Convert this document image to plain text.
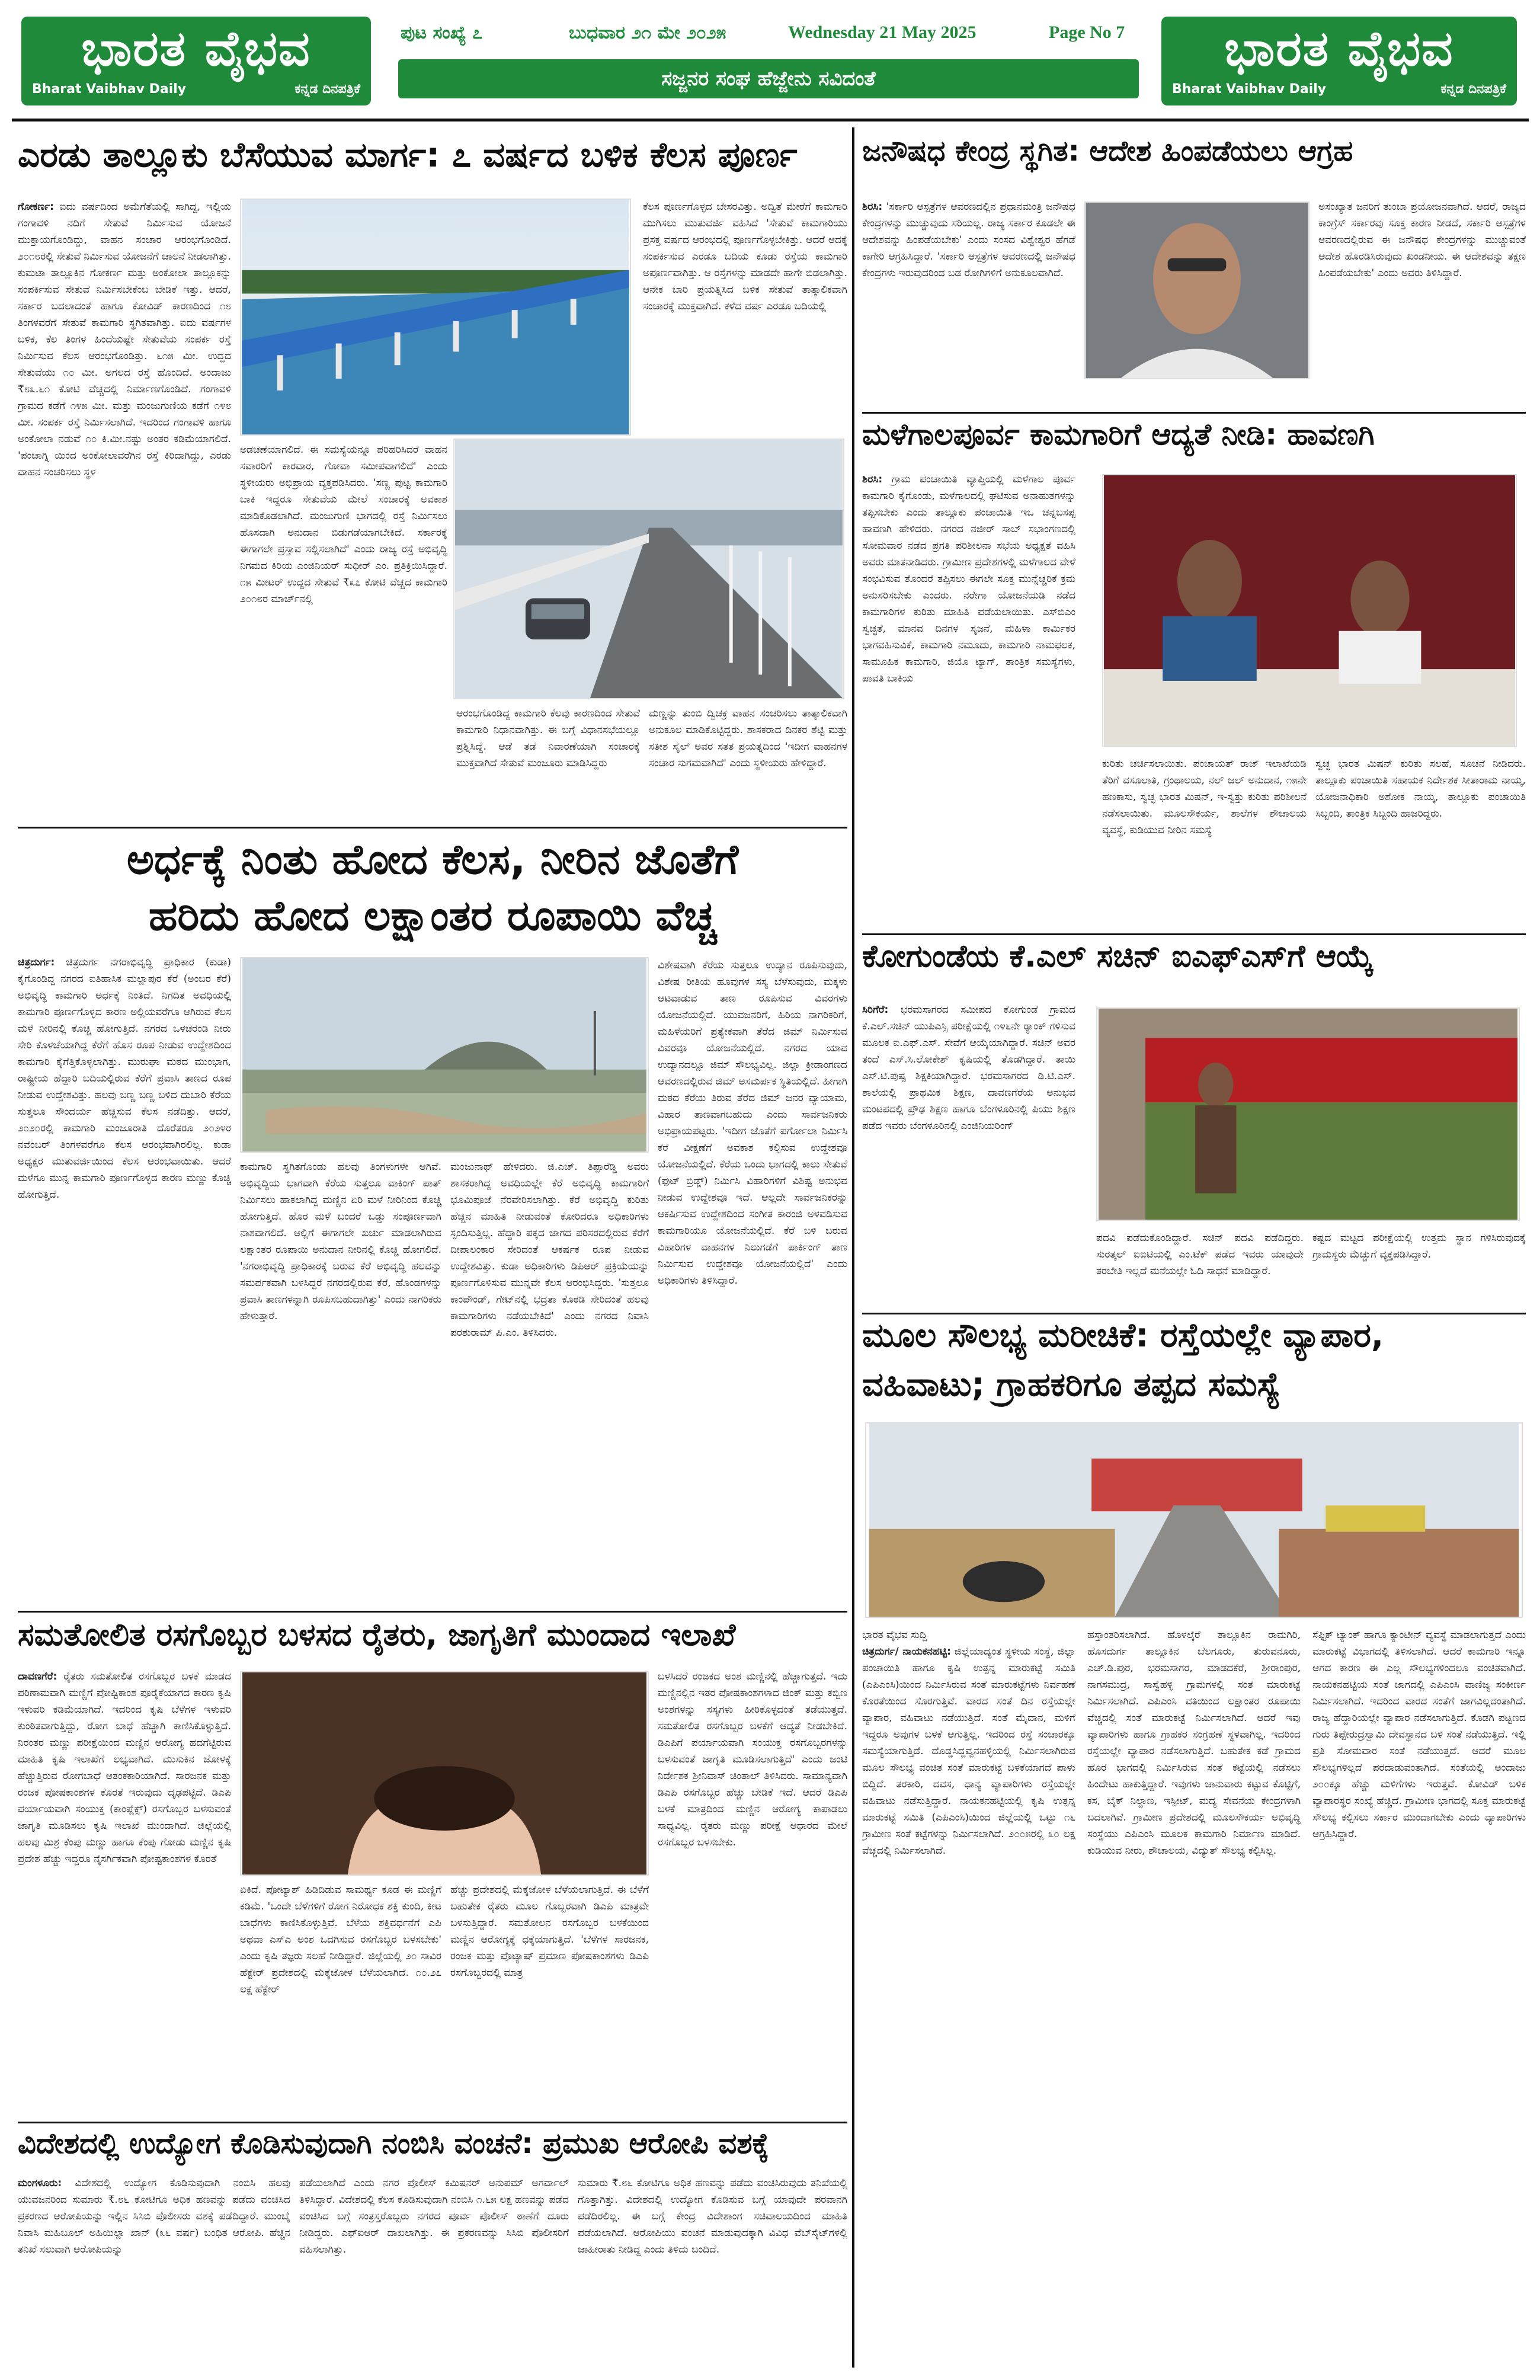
ಭಾರತ ವೈಭವ
Bharat Vaibhav Daily	ಕನ್ನಡ ದಿನಪತ್ರಿಕೆ
ಪುಟ ಸಂಖ್ಯೆ ೭	ಬುಧವಾರ ೨೧ ಮೇ ೨೦೨೫	Wednesday 21 May 2025	Page No 7
ಸಜ್ಜನರ ಸಂಘ ಹೆಜ್ಜೇನು ಸವಿದಂತೆ
ಭಾರತ ವೈಭವ
Bharat Vaibhav Daily	ಕನ್ನಡ ದಿನಪತ್ರಿಕೆ
ಎರಡು ತಾಲ್ಲೂಕು ಬೆಸೆಯುವ ಮಾರ್ಗ: ೭ ವರ್ಷದ ಬಳಿಕ ಕೆಲಸ ಪೂರ್ಣ
ಗೋಕರ್ಣ: ಐದು ವರ್ಷದಿಂದ ಅಮೆಗೆತೆಯಲ್ಲಿ ಸಾಗಿದ್ದ, ಇಲ್ಲಿಯ ಗಂಗಾವಳಿ ನದಿಗೆ ಸೇತುವೆ ನಿರ್ಮಿಸುವ ಯೋಜನೆ ಮುಕ್ತಾಯಗೊಂಡಿದ್ದು, ವಾಹನ ಸಂಚಾರ ಆರಂಭಗೊಂಡಿದೆ. ೨೦೧೮ರಲ್ಲಿ ಸೇತುವೆ ನಿರ್ಮಿಸುವ ಯೋಜನೆಗೆ ಚಾಲನೆ ನೀಡಲಾಗಿತ್ತು. ಕುಮಟಾ ತಾಲ್ಲೂಕಿನ ಗೋಕರ್ಣ ಮತ್ತು ಅಂಕೋಲಾ ತಾಲ್ಲೂಕನ್ನು ಸಂಪರ್ಕಿಸುವ ಸೇತುವೆ ನಿರ್ಮಿಸಬೇಕೆಂಬ ಬೇಡಿಕೆ ಇತ್ತು. ಆದರೆ, ಸರ್ಕಾರ ಬದಲಾದಂತೆ ಹಾಗೂ ಕೋವಿಡ್ ಕಾರಣದಿಂದ ೧೮ ತಿಂಗಳವರೆಗೆ ಸೇತುವೆ ಕಾಮಗಾರಿ ಸ್ಥಗಿತವಾಗಿತ್ತು. ಐದು ವರ್ಷಗಳ ಬಳಿಕ, ಕೆಲ ತಿಂಗಳ ಹಿಂದೆಯಷ್ಟೇ ಸೇತುವೆಯ ಸಂಪರ್ಕ ರಸ್ತೆ ನಿರ್ಮಿಸುವ ಕೆಲಸ ಆರಂಭಗೊಂಡಿತ್ತು. ೬೧೫ ಮೀ. ಉದ್ದದ ಸೇತುವೆಯು ೧೦ ಮೀ. ಅಗಲದ ರಸ್ತೆ ಹೊಂದಿದೆ. ಅಂದಾಜು ₹೮೩.೬೧ ಕೋಟಿ ವೆಚ್ಚದಲ್ಲಿ ನಿರ್ಮಾಣಗೊಂಡಿದೆ. ಗಂಗಾವಳಿ ಗ್ರಾಮದ ಕಡೆಗೆ ೧೪೫ ಮೀ. ಮತ್ತು ಮಂಜುಗುಣಿಯ ಕಡೆಗೆ ೧೪೮ ಮೀ. ಸಂಪರ್ಕ ರಸ್ತೆ ನಿರ್ಮಿಸಲಾಗಿದೆ. ಇದರಿಂದ ಗಂಗಾವಳಿ ಹಾಗೂ ಅಂಕೋಲಾ ನಡುವೆ ೧೦ ಕಿ.ಮೀ.ನಷ್ಟು ಅಂತರ ಕಡಿಮೆಯಾಗಲಿದೆ. 'ಪಂಚಾಗ್ನಿ ಯಿಂದ ಅಂಕೋಲಾವರೆಗಿನ ರಸ್ತೆ ಕಿರಿದಾಗಿದ್ದು, ಎರಡು ವಾಹನ ಸಂಚರಿಸಲು ಸ್ಥಳ
ಅಡಚಣೆಯಾಗಲಿದೆ. ಈ ಸಮಸ್ಯೆಯನ್ನೂ ಪರಿಹರಿಸಿದರೆ ವಾಹನ ಸವಾರರಿಗೆ ಕಾರವಾರ, ಗೋವಾ ಸಮೀಪವಾಗಲಿದೆ' ಎಂದು ಸ್ಥಳೀಯರು ಅಭಿಪ್ರಾಯ ವ್ಯಕ್ತಪಡಿಸಿದರು. 'ಸಣ್ಣ ಪುಟ್ಟ ಕಾಮಗಾರಿ ಬಾಕಿ ಇದ್ದರೂ ಸೇತುವೆಯ ಮೇಲೆ ಸಂಚಾರಕ್ಕೆ ಅವಕಾಶ ಮಾಡಿಕೊಡಲಾಗಿದೆ. ಮಂಜುಗುಣಿ ಭಾಗದಲ್ಲಿ ರಸ್ತೆ ನಿರ್ಮಿಸಲು ಹೊಸದಾಗಿ ಅನುದಾನ ಬಿಡುಗಡೆಯಾಗಬೇಕಿದೆ. ಸರ್ಕಾರಕ್ಕೆ ಈಗಾಗಲೇ ಪ್ರಸ್ತಾವ ಸಲ್ಲಿಸಲಾಗಿದೆ' ಎಂದು ರಾಜ್ಯ ರಸ್ತೆ ಅಭಿವೃದ್ಧಿ ನಿಗಮದ ಕಿರಿಯ ಎಂಜಿನಿಯರ್ ಸುಧೀರ್ ಎಂ. ಪ್ರತಿಕ್ರಿಯಿಸಿದ್ದಾರೆ. ೧೫ ಮೀಟರ್ ಉದ್ದದ ಸೇತುವೆ ₹೩೭ ಕೋಟಿ ವೆಚ್ಚದ ಕಾಮಗಾರಿ ೨೦೧೮ರ ಮಾರ್ಚ್‌ನಲ್ಲಿ
ಆರಂಭಗೊಂಡಿದ್ದ ಕಾಮಗಾರಿ ಕೆಲವು ಕಾರಣದಿಂದ ಸೇತುವೆ ಕಾಮಗಾರಿ ನಿಧಾನವಾಗಿತ್ತು. ಈ ಬಗ್ಗೆ ವಿಧಾನಸಭೆಯಲ್ಲೂ ಪ್ರಶ್ನಿಸಿದ್ದೆ. ಆಡೆ ತಡೆ ನಿವಾರಣೆಯಾಗಿ ಸಂಚಾರಕ್ಕೆ ಮುಕ್ತವಾಗಿದೆ ಸೇತುವೆ ಮಂಜೂರು ಮಾಡಿಸಿದ್ದರು
ಮಣ್ಣನ್ನು ತುಂಬಿ ದ್ವಿಚಕ್ರ ವಾಹನ ಸಂಚರಿಸಲು ತಾತ್ಕಾಲಿಕವಾಗಿ ಅನುಕೂಲ ಮಾಡಿಕೊಟ್ಟಿದ್ದರು. ಶಾಸಕರಾದ ದಿನಕರ ಶೆಟ್ಟಿ ಮತ್ತು ಸತೀಶ ಸೈಲ್ ಅವರ ಸತತ ಪ್ರಯತ್ನದಿಂದ 'ಇದೀಗ ವಾಹನಗಳ ಸಂಚಾರ ಸುಗಮವಾಗಿದೆ' ಎಂದು ಸ್ಥಳೀಯರು ಹೇಳಿದ್ದಾರೆ.
ಕೆಲಸ ಪೂರ್ಣಗೊಳ್ಳದ ಬೇಸರವಿತ್ತು. ಅದ್ವಿತೆ ಮೇರೆಗೆ ಕಾಮಗಾರಿ ಮುಗಿಸಲು ಮುತುವರ್ಜಿ ವಹಿಸಿದೆ 'ಸೇತುವೆ ಕಾಮಗಾರಿಯು ಪ್ರಸಕ್ತ ವರ್ಷದ ಆರಂಭದಲ್ಲಿ ಪೂರ್ಣಗೊಳ್ಳಬೇಕಿತ್ತು. ಆದರೆ ಆದಕ್ಕೆ ಸಂಪರ್ಕಿಸುವ ಎರಡೂ ಬದಿಯ ಕೂಡು ರಸ್ತೆಯ ಕಾಮಗಾರಿ ಅಪೂರ್ಣವಾಗಿತ್ತು. ಆ ರಸ್ತೆಗಳನ್ನು ಮಾಡದೇ ಹಾಗೇ ಬಿಡಲಾಗಿತ್ತು. ಆನೇಕ ಬಾರಿ ಪ್ರಯತ್ನಿಸಿದ ಬಳಿಕ ಸೇತುವೆ ತಾತ್ಕಾಲಿಕವಾಗಿ ಸಂಚಾರಕ್ಕೆ ಮುಕ್ತವಾಗಿದೆ. ಕಳೆದ ವರ್ಷ ಎರಡೂ ಬದಿಯಲ್ಲಿ
ಅರ್ಧಕ್ಕೆ ನಿಂತು ಹೋದ ಕೆಲಸ, ನೀರಿನ ಜೊತೆಗೆ
ಹರಿದು ಹೋದ ಲಕ್ಷಾಂತರ ರೂಪಾಯಿ ವೆಚ್ಚ
ಚಿತ್ರದುರ್ಗ: ಚಿತ್ರದುರ್ಗ ನಗರಾಭಿವೃದ್ಧಿ ಪ್ರಾಧಿಕಾರ (ಕುಡಾ) ಕೈಗೊಂಡಿದ್ದ ನಗರದ ಐತಿಹಾಸಿಕ ಮಲ್ಲಾಪುರ ಕೆರೆ (ಅಂಬರ ಕೆರೆ) ಅಭಿವೃದ್ಧಿ ಕಾಮಗಾರಿ ಅರ್ಧಕ್ಕೆ ನಿಂತಿದೆ. ನಿಗದಿತ ಅವಧಿಯಲ್ಲಿ ಕಾಮಗಾರಿ ಪೂರ್ಣಗೊಳ್ಳದ ಕಾರಣ ಅಲ್ಲಿಯವರೆಗೂ ಆಗಿರುವ ಕೆಲಸ ಮಳೆ ನೀರಿನಲ್ಲಿ ಕೊಚ್ಚಿ ಹೋಗುತ್ತಿದೆ. ನಗರದ ಒಳಚರಂಡಿ ನೀರು ಸೇರಿ ಕೊಳಚೆಯಾಗಿದ್ದ ಕೆರೆಗೆ ಹೊಸ ರೂಪ ನೀಡುವ ಉದ್ದೇಶದಿಂದ ಕಾಮಗಾರಿ ಕೈಗೆತ್ತಿಕೊಳ್ಳಲಾಗಿತ್ತು. ಮುರುಘಾ ಮಠದ ಮುಂಭಾಗ, ರಾಷ್ಟ್ರೀಯ ಹೆದ್ದಾರಿ ಬದಿಯಲ್ಲಿರುವ ಕೆರೆಗೆ ಪ್ರವಾಸಿ ತಾಣದ ರೂಪ ನೀಡುವ ಉದ್ದೇಶವಿತ್ತು. ಹಲವು ಬಣ್ಣ ಬಣ್ಣ ಬಳಿದ ದುಬಾರಿ ಕೆರೆಯ ಸುತ್ತಲೂ ಸೌಂದರ್ಯ ಹೆಚ್ಚಿಸುವ ಕೆಲಸ ನಡೆದಿತ್ತು. ಆದರೆ, ೨೦೨೦ರಲ್ಲಿ ಕಾಮಗಾರಿ ಮಂಜೂರಾತಿ ದೊರೆತರೂ ೨೦೨೪ರ ನವೆಂಬರ್ ತಿಂಗಳವರೆಗೂ ಕೆಲಸ ಆರಂಭವಾಗಿರಲಿಲ್ಲ. ಕುಡಾ ಅಧ್ಯಕ್ಷರ ಮುತುವರ್ಜಿಯಿಂದ ಕೆಲಸ ಆರಂಭವಾಯಿತು. ಆದರೆ ಮಳೆಗೂ ಮುನ್ನ ಕಾಮಗಾರಿ ಪೂರ್ಣಗೊಳ್ಳದ ಕಾರಣ ಮಣ್ಣು ಕೊಚ್ಚಿ ಹೋಗುತ್ತಿದೆ.
ಕಾಮಗಾರಿ ಸ್ಥಗಿತಗೊಂಡು ಹಲವು ತಿಂಗಳುಗಳೇ ಆಗಿವೆ. ಅಭಿವೃದ್ಧಿಯ ಭಾಗವಾಗಿ ಕೆರೆಯ ಸುತ್ತಲೂ ವಾಕಿಂಗ್ ಪಾತ್ ನಿರ್ಮಿಸಲು ಹಾಕಲಾಗಿದ್ದ ಮಣ್ಣಿನ ಏರಿ ಮಳೆ ನೀರಿನಿಂದ ಕೊಚ್ಚಿ ಹೋಗುತ್ತಿದೆ. ಹೊರ ಮಳೆ ಬಂದರೆ ಒಡ್ಡು ಸಂಪೂರ್ಣವಾಗಿ ನಾಶವಾಗಲಿದೆ. ಆಲ್ಲಿಗೆ ಈಗಾಗಲೇ ಖರ್ಚು ಮಾಡಲಾಗಿರುವ ಲಕ್ಷಾಂತರ ರೂಪಾಯಿ ಅನುದಾನ ನೀರಿನಲ್ಲಿ ಕೊಚ್ಚಿ ಹೋಗಲಿದೆ. 'ನಗರಾಭಿವೃದ್ಧಿ ಪ್ರಾಧಿಕಾರಕ್ಕೆ ಬರುವ ಕೆರೆ ಅಭಿವೃದ್ಧಿ ಹಲವನ್ನು ಸಮರ್ಪಕವಾಗಿ ಬಳಸಿದ್ದರೆ ನಗರದಲ್ಲಿರುವ ಕೆರೆ, ಹೊಂಡಗಳನ್ನು ಪ್ರವಾಸಿ ತಾಣಗಳನ್ನಾಗಿ ರೂಪಿಸಬಹುದಾಗಿತ್ತು' ಎಂದು ನಾಗರಿಕರು ಹೇಳುತ್ತಾರೆ.
ಮಂಜುನಾಥ್ ಹೇಳಿದರು. ಜಿ.ಎಚ್. ತಿಪ್ಪಾರೆಡ್ಡಿ ಅವರು ಶಾಸಕರಾಗಿದ್ದ ಅವಧಿಯಲ್ಲೇ ಕೆರೆ ಅಭಿವೃದ್ಧಿ ಕಾಮಗಾರಿಗೆ ಭೂಮಿಪೂಜೆ ನೆರವೇರಿಸಲಾಗಿತ್ತು. ಕೆರೆ ಅಭಿವೃದ್ಧಿ ಕುರಿತು ಹೆಚ್ಚಿನ ಮಾಹಿತಿ ನೀಡುವಂತೆ ಕೋರಿದರೂ ಅಧಿಕಾರಿಗಳು ಸ್ಪಂದಿಸುತ್ತಿಲ್ಲ. ಹೆದ್ದಾರಿ ಪಕ್ಕದ ಜಾಗದ ಪರಿಸರದಲ್ಲಿರುವ ಕೆರೆಗೆ ದೀಪಾಲಂಕಾರ ಸೇರಿದಂತೆ ಆಕರ್ಷಕ ರೂಪ ನೀಡುವ ಉದ್ದೇಶವಿತ್ತು. ಕುಡಾ ಅಧಿಕಾರಿಗಳು ಡಿಪಿಆರ್ ಪ್ರಕ್ರಿಯೆಯನ್ನು ಪೂರ್ಣಗೊಳಿಸುವ ಮುನ್ನವೇ ಕೆಲಸ ಆರಂಭಿಸಿದ್ದರು. 'ಸುತ್ತಲೂ ಕಾಂಪೌಂಡ್, ಗೇಟ್‌ನಲ್ಲಿ ಭದ್ರತಾ ಕೊಠಡಿ ಸೇರಿದಂತೆ ಹಲವು ಕಾಮಗಾರಿಗಳು ನಡೆಯಬೇಕಿದೆ' ಎಂದು ನಗರದ ನಿವಾಸಿ ಪರಶುರಾಮ್ ಪಿ.ಎಂ. ತಿಳಿಸಿದರು.
ವಿಶೇಷವಾಗಿ ಕೆರೆಯ ಸುತ್ತಲೂ ಉದ್ಯಾನ ರೂಪಿಸುವುದು, ವಿಶೇಷ ರೀತಿಯ ಹೂವುಗಳ ಸಸ್ಯ ಬೆಳೆಸುವುದು, ಮಕ್ಕಳು ಆಟವಾಡುವ ತಾಣ ರೂಪಿಸುವ ವಿವರಗಳು ಯೋಜನೆಯಲ್ಲಿದೆ. ಯುವಜನರಿಗೆ, ಹಿರಿಯ ನಾಗರಿಕರಿಗೆ, ಮಹಿಳೆಯರಿಗೆ ಪ್ರತ್ಯೇಕವಾಗಿ ತೆರೆದ ಜಿಮ್ ನಿರ್ಮಿಸುವ ವಿವರವೂ ಯೋಜನೆಯಲ್ಲಿದೆ. ನಗರದ ಯಾವ ಉದ್ಯಾನದಲ್ಲೂ ಜಿಮ್ ಸೌಲಭ್ಯವಿಲ್ಲ. ಜಿಲ್ಲಾ ಕ್ರೀಡಾಂಗಣದ ಆವರಣದಲ್ಲಿರುವ ಜಿಮ್ ಅಸಮರ್ಪಕ ಸ್ಥಿತಿಯಲ್ಲಿದೆ. ಹೀಗಾಗಿ ಮಠದ ಕೆರೆಯ ತಿರುವ ತೆರೆದ ಜಿಮ್ ಜನರ ವ್ಯಾಯಾಮ, ವಿಹಾರ ತಾಣವಾಗಬಹುದು ಎಂದು ಸಾರ್ವಜನಿಕರು ಅಭಿಪ್ರಾಯಪಟ್ಟರು. 'ಇದೀಗ ಜೊತೆಗೆ ಪರ್ಗೋಲಾ ನಿರ್ಮಿಸಿ ಕೆರೆ ವೀಕ್ಷಣೆಗೆ ಅವಕಾಶ ಕಲ್ಪಿಸುವ ಉದ್ದೇಶವೂ ಯೋಜನೆಯಲ್ಲಿದೆ. ಕೆರೆಯ ಒಂದು ಭಾಗದಲ್ಲಿ ಕಾಲು ಸೇತುವೆ (ಫುಟ್ ಬ್ರಿಡ್ಜ್) ನಿರ್ಮಿಸಿ ವಿಹಾರಿಗಳಿಗೆ ವಿಶಿಷ್ಟ ಅನುಭವ ನೀಡುವ ಉದ್ದೇಶವೂ ಇದೆ. ಆಲ್ಲದೇ ಸಾರ್ವಜನಿಕರನ್ನು ಆಕರ್ಷಿಸುವ ಉದ್ದೇಶದಿಂದ ಸಂಗೀತ ಕಾರಂಜಿ ಅಳವಡಿಸುವ ಕಾಮಗಾರಿಯೂ ಯೋಜನೆಯಲ್ಲಿದೆ. ಕೆರೆ ಬಳಿ ಬರುವ ವಿಹಾರಿಗಳ ವಾಹನಗಳ ನಿಲುಗಡೆಗೆ ಪಾರ್ಕಿಂಗ್ ತಾಣ ನಿರ್ಮಿಸುವ ಉದ್ದೇಶವೂ ಯೋಜನೆಯಲ್ಲಿದೆ' ಎಂದು ಅಧಿಕಾರಿಗಳು ತಿಳಿಸಿದ್ದಾರೆ.
ಸಮತೋಲಿತ ರಸಗೊಬ್ಬರ ಬಳಸದ ರೈತರು, ಜಾಗೃತಿಗೆ ಮುಂದಾದ ಇಲಾಖೆ
ದಾವಣಗೆರೆ: ರೈತರು ಸಮತೋಲಿತ ರಸಗೊಬ್ಬರ ಬಳಕೆ ಮಾಡದ ಪರಿಣಾಮವಾಗಿ ಮಣ್ಣಿಗೆ ಪೋಷ್ಟಿಕಾಂಶ ಪೂರೈಕೆಯಾಗದ ಕಾರಣ ಕೃಷಿ ಇಳುವರಿ ಕಡಿಮೆಯಾಗಿದೆ. ಇದರಿಂದ ಕೃಷಿ ಬೆಳೆಗಳ ಇಳುವರಿ ಕುಂಠಿತವಾಗುತ್ತಿದ್ದು, ರೋಗ ಬಾಧೆ ಹೆಚ್ಚಾಗಿ ಕಾಣಿಸಿಕೊಳ್ಳುತ್ತಿದೆ. ನಿರಂತರ ಮಣ್ಣು ಪರೀಕ್ಷೆಯಿಂದ ಮಣ್ಣಿನ ಆರೋಗ್ಯ ಹದಗೆಟ್ಟಿರುವ ಮಾಹಿತಿ ಕೃಷಿ ಇಲಾಖೆಗೆ ಲಭ್ಯವಾಗಿದೆ. ಮುಸುಕಿನ ಜೋಳಕ್ಕೆ ಹೆಚ್ಚುತ್ತಿರುವ ರೋಗಬಾಧೆ ಆತಂಕಕಾರಿಯಾಗಿದೆ. ಸಾರಜನಕ ಮತ್ತು ರಂಜಕ ಪೋಷಕಾಂಶಗಳ ಕೊರತೆ ಇರುವುದು ದೃಢಪಟ್ಟಿದೆ. ಡಿಎಪಿ ಪರ್ಯಾಯವಾಗಿ ಸಂಯುಕ್ತ (ಕಾಂಪ್ಲೆಕ್ಸ್) ರಸಗೊಬ್ಬರ ಬಳಸುವಂತೆ ಜಾಗೃತಿ ಮೂಡಿಸಲು ಕೃಷಿ ಇಲಾಖೆ ಮುಂದಾಗಿದೆ. ಜಿಲ್ಲೆಯಲ್ಲಿ ಹಲವು ಮಿಶ್ರ ಕೆಂಪು ಮಣ್ಣು ಹಾಗೂ ಕೆಂಪು ಗೋಡು ಮಣ್ಣಿನ ಕೃಷಿ ಪ್ರದೇಶ ಹೆಚ್ಚು ಇದ್ದರೂ ನೈಸರ್ಗಿಕವಾಗಿ ಪೋಷ್ಟಕಾಂಶಗಳ ಕೊರತೆ
ಏಕಿದೆ. ಪೋಟ್ಯಾಶ್ ಹಿಡಿದಿಡುವ ಸಾಮರ್ಥ್ಯ ಕೂಡ ಈ ಮಣ್ಣಿಗೆ ಕಡಿಮೆ. 'ಒಂದೇ ಬೆಳೆಗಳಿಗೆ ರೋಗ ನಿರೋಧಕ ಶಕ್ತಿ ಕುಂದಿ, ಕೀಟ ಬಾಧೆಗಳು ಕಾಣಿಸಿಕೊಳ್ಳುತ್ತಿವೆ. ಬೆಳೆಯ ಶಕ್ತಿವರ್ಧನೆಗೆ ಎಪಿ ಅಥವಾ ಎಸ್‌ಎ ಅಂಶ ಒದಗಿಸುವ ರಸಗೊಬ್ಬರ ಬಳಸಬೇಕು' ಎಂದು ಕೃಷಿ ತಜ್ಞರು ಸಲಹೆ ನೀಡಿದ್ದಾರೆ. ಜಿಲ್ಲೆಯಲ್ಲಿ ೨೦ ಸಾವಿರ ಹೆಕ್ಟೇರ್ ಪ್ರದೇಶದಲ್ಲಿ ಮೆಕ್ಕೆಜೋಳ ಬೆಳೆಯಲಾಗಿದೆ. ೧೦.೨೭ ಲಕ್ಷ ಹೆಕ್ಟೇರ್
ಹೆಚ್ಚು ಪ್ರದೇಶದಲ್ಲಿ ಮೆಕ್ಕೆಜೋಳ ಬೆಳೆಯಲಾಗುತ್ತಿದೆ. ಈ ಬೆಳೆಗೆ ಬಹುತೇಕ ರೈತರು ಮೂಲ ಗೊಬ್ಬರವಾಗಿ ಡಿಎಪಿ ಮಾತ್ರವೇ ಬಳಸುತ್ತಿದ್ದಾರೆ. ಸಮತೋಲನ ರಸಗೊಬ್ಬರ ಬಳಕೆಯಿಂದ ಮಣ್ಣಿನ ಆರೋಗ್ಯಕ್ಕೆ ಧಕ್ಕೆಯಾಗುತ್ತಿದೆ. 'ಬೆಳೆಗಳ ಸಾರಜನಕ, ರಂಜಕ ಮತ್ತು ಪೊಟ್ಯಾಷ್ ಪ್ರಮಾಣ ಪೋಷಕಾಂಶಗಳು ಡಿಎಪಿ ರಸಗೊಬ್ಬರದಲ್ಲಿ ಮಾತ್ರ
ಬಳಸಿದರೆ ರಂಜಕದ ಅಂಶ ಮಣ್ಣಿನಲ್ಲಿ ಹೆಚ್ಚಾಗುತ್ತದೆ. ಇದು ಮಣ್ಣಿನಲ್ಲಿನ ಇತರ ಪೋಷಕಾಂಶಗಳಾದ ಜಿಂಕ್ ಮತ್ತು ಕಬ್ಬಿಣ ಅಂಶಗಳನ್ನು ಸಸ್ಯಗಳು ಹೀರಿಕೊಳ್ಳದಂತೆ ತಡೆಯುತ್ತದೆ. ಸಮತೋಲಿತ ರಸಗೊಬ್ಬರ ಬಳಕೆಗೆ ಆದ್ಯತೆ ನೀಡಬೇಕಿದೆ. ಡಿಎಪಿಗೆ ಪರ್ಯಾಯವಾಗಿ ಸಂಯುಕ್ತ ರಸಗೊಬ್ಬರಗಳನ್ನು ಬಳಸುವಂತೆ ಜಾಗೃತಿ ಮೂಡಿಸಲಾಗುತ್ತಿದೆ' ಎಂದು ಜಂಟಿ ನಿರ್ದೇಶಕ ಶ್ರೀನಿವಾಸ್ ಚಿಂತಾಲ್ ತಿಳಿಸಿದರು. ಸಾಮಾನ್ಯವಾಗಿ ಡಿಎಪಿ ರಸಗೊಬ್ಬರ ಹೆಚ್ಚು ಬೇಡಿಕೆ ಇದೆ. ಆದರೆ ಡಿಎಪಿ ಬಳಕೆ ಮಾತ್ರದಿಂದ ಮಣ್ಣಿನ ಆರೋಗ್ಯ ಕಾಪಾಡಲು ಸಾಧ್ಯವಿಲ್ಲ. ರೈತರು ಮಣ್ಣು ಪರೀಕ್ಷೆ ಆಧಾರದ ಮೇಲೆ ರಸಗೊಬ್ಬರ ಬಳಸಬೇಕು.
ವಿದೇಶದಲ್ಲಿ ಉದ್ಯೋಗ ಕೊಡಿಸುವುದಾಗಿ ನಂಬಿಸಿ ವಂಚನೆ: ಪ್ರಮುಖ ಆರೋಪಿ ವಶಕ್ಕೆ
ಮಂಗಳೂರು: ವಿದೇಶದಲ್ಲಿ ಉದ್ಯೋಗ ಕೊಡಿಸುವುದಾಗಿ ನಂಬಿಸಿ ಹಲವು ಯುವಜನರಿಂದ ಸುಮಾರು ₹.೮೬ ಕೋಟಿಗೂ ಅಧಿಕ ಹಣವನ್ನು ಪಡೆದು ವಂಚಿಸಿದ ಪ್ರಕರಣದ ಆರೋಪಿಯನ್ನು ಇಲ್ಲಿನ ಸಿಸಿಬಿ ಪೊಲೀಸರು ವಶಕ್ಕೆ ಪಡೆದಿದ್ದಾರೆ. ಮುಂಬೈ ನಿವಾಸಿ ಮಹಿಬೂಲ್ ಅಹಿಯಿಲ್ಲಾ ಖಾನ್ (೩೬ ವರ್ಷ) ಬಂಧಿತ ಆರೋಪಿ. ಹೆಚ್ಚಿನ ತನಿಖೆ ಸಲುವಾಗಿ ಆರೋಪಿಯನ್ನು
ಪಡೆಯಲಾಗಿದೆ ಎಂದು ನಗರ ಪೊಲೀಸ್ ಕಮಿಷನರ್ ಅನುಪಮ್ ಅಗರ್ವಾಲ್ ತಿಳಿಸಿದ್ದಾರೆ. ವಿದೇಶದಲ್ಲಿ ಕೆಲಸ ಕೊಡಿಸುವುದಾಗಿ ನಂಬಿಸಿ ೧.೬೫ ಲಕ್ಷ ಹಣವನ್ನು ಪಡೆದ ವಂಚಿಸಿದ ಬಗ್ಗೆ ಸಂತ್ರಸ್ತರೊಬ್ಬರು ನಗರದ ಪೂರ್ವ ಪೊಲೀಸ್ ಠಾಣೆಗೆ ದೂರು ನೀಡಿದ್ದರು. ಎಫ್‌ಐಆರ್ ದಾಖಲಾಗಿತ್ತು. ಈ ಪ್ರಕರಣವನ್ನು ಸಿಸಿಬಿ ಪೊಲೀಸರಿಗೆ ವಹಿಸಲಾಗಿತ್ತು.
ಸುಮಾರು ₹.೮೬ ಕೋಟಿಗೂ ಅಧಿಕ ಹಣವನ್ನು ಪಡೆದು ವಂಚಿಸಿರುವುದು ತನಿಖೆಯಲ್ಲಿ ಗೊತ್ತಾಗಿತ್ತು. ವಿದೇಶದಲ್ಲಿ ಉದ್ಯೋಗ ಕೊಡಿಸುವ ಬಗ್ಗೆ ಯಾವುದೇ ಪರವಾನಗಿ ಪಡೆದಿರಲಿಲ್ಲ. ಈ ಬಗ್ಗೆ ಕೇಂದ್ರ ವಿದೇಶಾಂಗ ಸಚಿವಾಲಯದಿಂದ ಮಾಹಿತಿ ಪಡೆಯಲಾಗಿದೆ. ಆರೋಪಿಯು ವಂಚನೆ ಮಾಡುವುದಕ್ಕಾಗಿ ವಿವಿಧ ವೆಬ್‌ಸೈಟ್‌ಗಳಲ್ಲಿ ಜಾಹೀರಾತು ನೀಡಿದ್ದ ಎಂದು ತಿಳಿದು ಬಂದಿದೆ.
ಜನೌಷಧ ಕೇಂದ್ರ ಸ್ಥಗಿತ: ಆದೇಶ ಹಿಂಪಡೆಯಲು ಆಗ್ರಹ
ಶಿರಸಿ: 'ಸರ್ಕಾರಿ ಆಸ್ಪತ್ರೆಗಳ ಆವರಣದಲ್ಲಿನ ಪ್ರಧಾನಮಂತ್ರಿ ಜನೌಷಧ ಕೇಂದ್ರಗಳನ್ನು ಮುಚ್ಚುವುದು ಸರಿಯಲ್ಲ. ರಾಜ್ಯ ಸರ್ಕಾರ ಕೂಡಲೇ ಈ ಆದೇಶವನ್ನು ಹಿಂಪಡೆಯಬೇಕು' ಎಂದು ಸಂಸದ ವಿಶ್ವೇಶ್ವರ ಹೆಗಡೆ ಕಾಗೇರಿ ಆಗ್ರಹಿಸಿದ್ದಾರೆ. 'ಸರ್ಕಾರಿ ಆಸ್ಪತ್ರೆಗಳ ಆವರಣದಲ್ಲಿ ಜನೌಷಧ ಕೇಂದ್ರಗಳು ಇರುವುದರಿಂದ ಬಡ ರೋಗಿಗಳಿಗೆ ಅನುಕೂಲವಾಗಿದೆ.
ಅಸಂಖ್ಯಾತ ಜನರಿಗೆ ತುಂಬಾ ಪ್ರಯೋಜನವಾಗಿದೆ. ಆದರೆ, ರಾಜ್ಯದ ಕಾಂಗ್ರೆಸ್ ಸರ್ಕಾರವು ಸೂಕ್ತ ಕಾರಣ ನೀಡದೆ, ಸರ್ಕಾರಿ ಆಸ್ಪತ್ರೆಗಳ ಆವರಣದಲ್ಲಿರುವ ಈ ಜನೌಷಧ ಕೇಂದ್ರಗಳನ್ನು ಮುಚ್ಚುವಂತೆ ಆದೇಶ ಹೊರಡಿಸಿರುವುದು ಖಂಡನೀಯ. ಈ ಆದೇಶವನ್ನು ತಕ್ಷಣ ಹಿಂಪಡೆಯಬೇಕು' ಎಂದು ಅವರು ತಿಳಿಸಿದ್ದಾರೆ.
ಮಳೆಗಾಲಪೂರ್ವ ಕಾಮಗಾರಿಗೆ ಆದ್ಯತೆ ನೀಡಿ: ಹಾವಣಗಿ
ಶಿರಸಿ: ಗ್ರಾಮ ಪಂಚಾಯಿತಿ ವ್ಯಾಪ್ತಿಯಲ್ಲಿ ಮಳೆಗಾಲ ಪೂರ್ವ ಕಾಮಗಾರಿ ಕೈಗೊಂಡು, ಮಳೆಗಾಲದಲ್ಲಿ ಘಟಿಸುವ ಅನಾಹುತಗಳನ್ನು ತಪ್ಪಿಸಬೇಕು ಎಂದು ತಾಲ್ಲೂಕು ಪಂಚಾಯಿತಿ ಇಒ ಚನ್ನಬಸಪ್ಪ ಹಾವಣಗಿ ಹೇಳಿದರು. ನಗರದ ನಜೀರ್ ಸಾಬ್ ಸಭಾಂಗಣದಲ್ಲಿ ಸೋಮವಾರ ನಡೆದ ಪ್ರಗತಿ ಪರಿಶೀಲನಾ ಸಭೆಯ ಅಧ್ಯಕ್ಷತೆ ವಹಿಸಿ ಅವರು ಮಾತನಾಡಿದರು. ಗ್ರಾಮೀಣ ಪ್ರದೇಶಗಳಲ್ಲಿ ಮಳೆಗಾಲದ ವೇಳೆ ಸಂಭವಿಸುವ ತೊಂದರೆ ತಪ್ಪಿಸಲು ಈಗಲೇ ಸೂಕ್ತ ಮುನ್ನೆಚ್ಚರಿಕೆ ಕ್ರಮ ಅನುಸರಿಸಬೇಕು ಎಂದರು. ನರೇಗಾ ಯೋಜನೆಯಡಿ ನಡೆದ ಕಾಮಗಾರಿಗಳ ಕುರಿತು ಮಾಹಿತಿ ಪಡೆಯಲಾಯಿತು. ಎಸ್‌ಬಿಎಂ ಸ್ವಚ್ಛತೆ, ಮಾನವ ದಿನಗಳ ಸೃಜನೆ, ಮಹಿಳಾ ಕಾರ್ಮಿಕರ ಭಾಗವಹಿಸುವಿಕೆ, ಕಾಮಗಾರಿ ನಮೂದು, ಕಾಮಗಾರಿ ನಾಮಫಲಕ, ಸಾಮೂಹಿಕ ಕಾಮಗಾರಿ, ಜಿಯೊ ಟ್ಯಾಗ್, ತಾಂತ್ರಿಕ ಸಮಸ್ಯೆಗಳು, ಪಾವತಿ ಬಾಕಿಯ
ಕುರಿತು ಚರ್ಚಿಸಲಾಯಿತು. ಪಂಚಾಯತ್ ರಾಜ್ ಇಲಾಖೆಯಡಿ ತೆರಿಗೆ ವಸೂಲಾತಿ, ಗ್ರಂಥಾಲಯ, ನಲ್ ಜಲ್ ಅನುದಾನ, ೧೫ನೇ ಹಣಕಾಸು, ಸ್ವಚ್ಛ ಭಾರತ ಮಿಷನ್, ಇ-ಸ್ವತ್ತು ಕುರಿತು ಪರಿಶೀಲನೆ ನಡೆಸಲಾಯಿತು. ಮೂಲಸೌಕರ್ಯ, ಶಾಲೆಗಳ ಶೌಚಾಲಯ ವ್ಯವಸ್ಥೆ, ಕುಡಿಯುವ ನೀರಿನ ಸಮಸ್ಯೆ
ಸ್ವಚ್ಛ ಭಾರತ ಮಿಷನ್ ಕುರಿತು ಸಲಹೆ, ಸೂಚನೆ ನೀಡಿದರು. ತಾಲ್ಲೂಕು ಪಂಚಾಯಿತಿ ಸಹಾಯಕ ನಿರ್ದೇಶಕ ಸೀತಾರಾಮ ನಾಯ್ಕ, ಯೋಜನಾಧಿಕಾರಿ ಅಶೋಕ ನಾಯ್ಕ, ತಾಲ್ಲೂಕು ಪಂಚಾಯಿತಿ ಸಿಬ್ಬಂದಿ, ತಾಂತ್ರಿಕ ಸಿಬ್ಬಂದಿ ಹಾಜರಿದ್ದರು.
ಕೋಗುಂಡೆಯ ಕೆ.ಎಲ್ ಸಚಿನ್ ಐಎಫ್‌ಎಸ್‌ಗೆ ಆಯ್ಕೆ
ಸಿರಿಗೆರೆ: ಭರಮಸಾಗರದ ಸಮೀಪದ ಕೋಗುಂಡೆ ಗ್ರಾಮದ ಕೆ.ಎಲ್.ಸಚಿನ್ ಯುಪಿಎಸ್ಸಿ ಪರೀಕ್ಷೆಯಲ್ಲಿ ೧೪೬ನೇ ರ‍್ಯಾಂಕ್ ಗಳಿಸುವ ಮೂಲಕ ಐ.ಎಫ್.ಎಸ್. ಸೇವೆಗೆ ಆಯ್ಕೆಯಾಗಿದ್ದಾರೆ. ಸಚಿನ್ ಅವರ ತಂದೆ ಎಸ್.ಸಿ.ಲೋಕೇಶ್ ಕೃಷಿಯಲ್ಲಿ ತೊಡಗಿದ್ದಾರೆ. ತಾಯಿ ಎಸ್.ಟಿ.ಪುಷ್ಪ ಶಿಕ್ಷಕಿಯಾಗಿದ್ದಾರೆ. ಭರಮಸಾಗರದ ಡಿ.ಟಿ.ಎಸ್. ಶಾಲೆಯಲ್ಲಿ ಪ್ರಾಥಮಿಕ ಶಿಕ್ಷಣ, ದಾವಣಗೆರೆಯ ಅನುಭವ ಮಂಟಪದಲ್ಲಿ ಪ್ರೌಢ ಶಿಕ್ಷಣ ಹಾಗೂ ಬೆಂಗಳೂರಿನಲ್ಲಿ ಪಿಯು ಶಿಕ್ಷಣ ಪಡೆದ ಇವರು ಬೆಂಗಳೂರಿನಲ್ಲಿ ಎಂಜಿನಿಯರಿಂಗ್
ಪದವಿ ಪಡೆದುಕೊಂಡಿದ್ದಾರೆ. ಸಚಿನ್ ಪದವಿ ಪಡೆದಿದ್ದರು. ಸುರತ್ಕಲ್ ಐಐಟಿಯಲ್ಲಿ ಎಂ.ಟೆಕ್ ಪಡೆದ ಇವರು ಯಾವುದೇ ತರಬೇತಿ ಇಲ್ಲದೆ ಮನೆಯಲ್ಲೇ ಓದಿ ಸಾಧನೆ ಮಾಡಿದ್ದಾರೆ.
ಕಷ್ಟದ ಮಟ್ಟದ ಪರೀಕ್ಷೆಯಲ್ಲಿ ಉತ್ತಮ ಸ್ಥಾನ ಗಳಿಸಿರುವುದಕ್ಕೆ ಗ್ರಾಮಸ್ಥರು ಮೆಚ್ಚುಗೆ ವ್ಯಕ್ತಪಡಿಸಿದ್ದಾರೆ.
ಮೂಲ ಸೌಲಭ್ಯ ಮರೀಚಿಕೆ: ರಸ್ತೆಯಲ್ಲೇ ವ್ಯಾಪಾರ,
ವಹಿವಾಟು; ಗ್ರಾಹಕರಿಗೂ ತಪ್ಪದ ಸಮಸ್ಯೆ
ಭಾರತ ವೈಭವ ಸುದ್ದಿ
ಚಿತ್ರದುರ್ಗ/ ನಾಯಕನಹಟ್ಟಿ: ಜಿಲ್ಲೆಯಾದ್ಯಂತ ಸ್ಥಳೀಯ ಸಂಸ್ಥೆ, ಜಿಲ್ಲಾ ಪಂಚಾಯಿತಿ ಹಾಗೂ ಕೃಷಿ ಉತ್ಪನ್ನ ಮಾರುಕಟ್ಟೆ ಸಮಿತಿ (ಎಪಿಎಂಸಿ)ಯಿಂದ ನಿರ್ಮಿಸಿರುವ ಸಂತೆ ಮಾರುಕಟ್ಟೆಗಳು ನಿರ್ವಹಣೆ ಕೊರತೆಯಿಂದ ಸೊರಗುತ್ತಿವೆ. ವಾರದ ಸಂತೆ ದಿನ ರಸ್ತೆಯಲ್ಲೇ ವ್ಯಾಪಾರ, ವಹಿವಾಟು ನಡೆಯುತ್ತಿದೆ. ಸಂತೆ ಮೈದಾನ, ಮಳಿಗೆ ಇದ್ದರೂ ಅವುಗಳ ಬಳಕೆ ಆಗುತ್ತಿಲ್ಲ. ಇದರಿಂದ ರಸ್ತೆ ಸಂಚಾರಕ್ಕೂ ಸಮಸ್ಯೆಯಾಗುತ್ತಿದೆ. ದೊಡ್ಡಸಿದ್ದವ್ವನಹಳ್ಳಿಯಲ್ಲಿ ನಿರ್ಮಿಸಲಾಗಿರುವ ಮೂಲ ಸೌಲಭ್ಯ ವಂಚಿತ ಸಂತೆ ಮಾರುಕಟ್ಟೆ ಬಳಕೆಯಾಗದೆ ಪಾಳು ಬಿದ್ದಿದೆ. ತರಕಾರಿ, ದವಸ, ಧಾನ್ಯ ವ್ಯಾಪಾರಿಗಳು ರಸ್ತೆಯಲ್ಲೇ ವಹಿವಾಟು ನಡೆಸುತ್ತಿದ್ದಾರೆ. ನಾಯಕನಹಟ್ಟಿಯಲ್ಲಿ ಕೃಷಿ ಉತ್ಪನ್ನ ಮಾರುಕಟ್ಟೆ ಸಮಿತಿ (ಎಪಿಎಂಸಿ)ಯಿಂದ ಜಿಲ್ಲೆಯಲ್ಲಿ ಒಟ್ಟು ೧೬ ಗ್ರಾಮೀಣ ಸಂತೆ ಕಟ್ಟೆಗಳನ್ನು ನಿರ್ಮಿಸಲಾಗಿದೆ. ೨೦೦೫ರಲ್ಲಿ ೩೦ ಲಕ್ಷ ವೆಚ್ಚದಲ್ಲಿ ನಿರ್ಮಿಸಲಾಗಿದೆ.
ಹಸ್ತಾಂತರಿಸಲಾಗಿದೆ. ಹೊಳಲ್ಕೆರೆ ತಾಲ್ಲೂಕಿನ ರಾಮಗಿರಿ, ಹೊಸದುರ್ಗ ತಾಲ್ಲೂಕಿನ ಬೆಲಗೂರು, ತುರುವನೂರು, ಎಚ್.ಡಿ.ಪುರ, ಭರಮಸಾಗರ, ಮಾಡದಕೆರೆ, ಶ್ರೀರಾಂಪುರ, ನಾಗಸಮುದ್ರ, ಸಾಸ್ವೆಹಳ್ಳಿ ಗ್ರಾಮಗಳಲ್ಲಿ ಸಂತೆ ಮಾರುಕಟ್ಟೆ ನಿರ್ಮಿಸಲಾಗಿದೆ. ಎಪಿಎಂಸಿ ವತಿಯಿಂದ ಲಕ್ಷಾಂತರ ರೂಪಾಯಿ ವೆಚ್ಚದಲ್ಲಿ ಸಂತೆ ಮಾರುಕಟ್ಟೆ ನಿರ್ಮಿಸಲಾಗಿದೆ. ಆದರೆ ಇವು ವ್ಯಾಪಾರಿಗಳು ಹಾಗೂ ಗ್ರಾಹಕರ ಸಂಗ್ರಹಣೆ ಸ್ಥಳವಾಗಿಲ್ಲ. ಇದರಿಂದ ರಸ್ತೆಯಲ್ಲೇ ವ್ಯಾಪಾರ ನಡೆಸಲಾಗುತ್ತಿದೆ. ಬಹುತೇಕ ಕಡೆ ಗ್ರಾಮದ ಹೊರ ಭಾಗದಲ್ಲಿ ನಿರ್ಮಿಸಿರುವ ಸಂತೆ ಕಟ್ಟೆಯಲ್ಲಿ ನಡೆಸಲು ಹಿಂದೇಟು ಹಾಕುತ್ತಿದ್ದಾರೆ. ಇವುಗಳು ಜಾನುವಾರು ಕಟ್ಟುವ ಕೊಟ್ಟಿಗೆ, ಕಸ, ಬೈಕ್ ನಿಲ್ದಾಣ, ಇಸ್ಪೀಟ್, ಮದ್ಯ ಸೇವನೆಯ ಕೇಂದ್ರಗಳಾಗಿ ಬದಲಾಗಿವೆ. ಗ್ರಾಮೀಣ ಪ್ರದೇಶದಲ್ಲಿ ಮೂಲಸೌಕರ್ಯ ಅಭಿವೃದ್ಧಿ ಸಂಸ್ಥೆಯು ಎಪಿಎಂಸಿ ಮೂಲಕ ಕಾಮಗಾರಿ ನಿರ್ಮಾಣ ಮಾಡಿದೆ. ಕುಡಿಯುವ ನೀರು, ಶೌಚಾಲಯ, ವಿದ್ಯುತ್ ಸೌಲಭ್ಯ ಕಲ್ಪಿಸಿಲ್ಲ.
ಸೆಫ್ಟಿಕ್ ಟ್ಯಾಂಕ್ ಹಾಗೂ ಕ್ಯಾಂಟೀನ್ ವ್ಯವಸ್ಥೆ ಮಾಡಲಾಗುತ್ತದೆ ಎಂದು ಮಾರುಕಟ್ಟೆ ವಿಭಾಗದಲ್ಲಿ ತಿಳಿಸಲಾಗಿದೆ. ಆದರೆ ಕಾಮಗಾರಿ ಇನ್ನೂ ಆಗದ ಕಾರಣ ಈ ಎಲ್ಲ ಸೌಲಭ್ಯಗಳಿಂದಲೂ ವಂಚಿತವಾಗಿದೆ. ನಾಯಕನಹಟ್ಟಿಯ ಸಂತೆ ಜಾಗದಲ್ಲಿ ಎಪಿಎಂಸಿ ವಾಣಿಜ್ಯ ಸಂಕೀರ್ಣ ನಿರ್ಮಿಸಲಾಗಿದೆ. ಇದರಿಂದ ವಾರದ ಸಂತೆಗೆ ಜಾಗವಿಲ್ಲದಂತಾಗಿದೆ. ರಾಜ್ಯ ಹೆದ್ದಾರಿಯಲ್ಲೇ ವ್ಯಾಪಾರ ನಡೆಸಲಾಗುತ್ತಿದೆ. ಕೊಡಗಿ ಪಟ್ಟಣದ ಗುರು ತಿಪ್ಪೇರುದ್ರಸ್ವಾಮಿ ದೇವಸ್ಥಾನದ ಬಳಿ ಸಂತೆ ನಡೆಯುತ್ತಿದೆ. ಇಲ್ಲಿ ಪ್ರತಿ ಸೋಮವಾರ ಸಂತೆ ನಡೆಯುತ್ತದೆ. ಆದರೆ ಮೂಲ ಸೌಲಭ್ಯಗಳಿಲ್ಲದೆ ಪರದಾಡುವಂತಾಗಿದೆ. ಸಂತೆಯಲ್ಲಿ ಅಂದಾಜು ೨೦೦ಕ್ಕೂ ಹೆಚ್ಚು ಮಳಿಗೆಗಳು ಇರುತ್ತವೆ. ಕೋವಿಡ್ ಬಳಿಕ ವ್ಯಾಪಾರಸ್ಥರ ಸಂಖ್ಯೆ ಹೆಚ್ಚಿದೆ. ಗ್ರಾಮೀಣ ಭಾಗದಲ್ಲಿ ಸೂಕ್ತ ಮಾರುಕಟ್ಟೆ ಸೌಲಭ್ಯ ಕಲ್ಪಿಸಲು ಸರ್ಕಾರ ಮುಂದಾಗಬೇಕು ಎಂದು ವ್ಯಾಪಾರಿಗಳು ಆಗ್ರಹಿಸಿದ್ದಾರೆ.
